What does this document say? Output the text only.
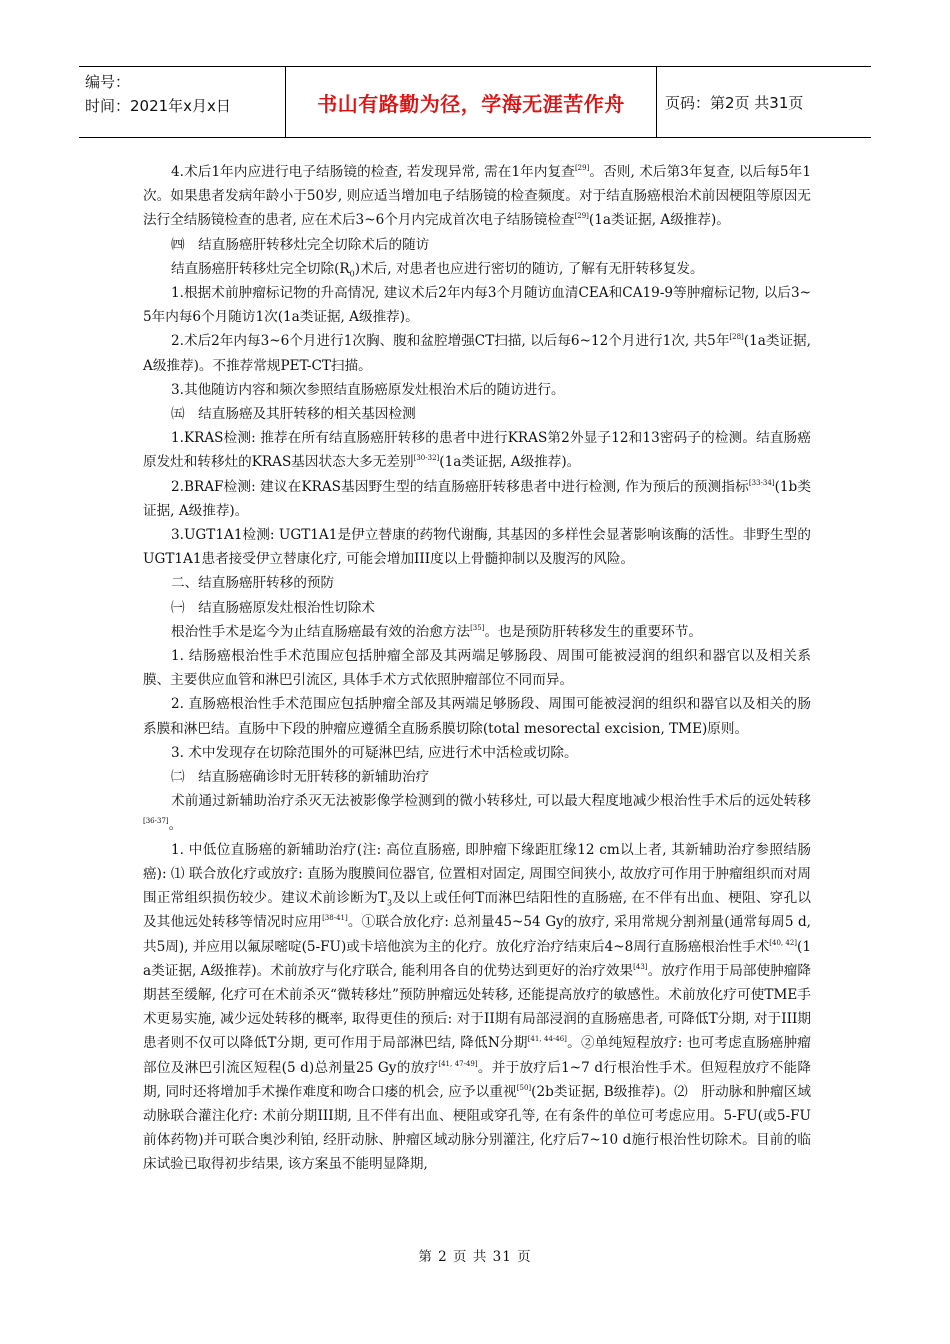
编号：
时间：2021年x月x日	书山有路勤为径，学海无涯苦作舟	页码：第2页 共31页

4.术后1年内应进行电子结肠镜的检查, 若发现异常, 需在1年内复查[29]。否则, 术后第3年复查, 以后每5年1次。如果患者发病年龄小于50岁, 则应适当增加电子结肠镜的检查频度。对于结直肠癌根治术前因梗阻等原因无法行全结肠镜检查的患者, 应在术后3~6个月内完成首次电子结肠镜检查[29](1a类证据, A级推荐)。

㈣　结直肠癌肝转移灶完全切除术后的随访

结直肠癌肝转移灶完全切除$(R_0)$术后, 对患者也应进行密切的随访, 了解有无肝转移复发。

1.根据术前肿瘤标记物的升高情况, 建议术后2年内每3个月随访血清CEA和CA19-9等肿瘤标记物, 以后3~5年内每6个月随访1次(1a类证据, A级推荐)。

2.术后2年内每3~6个月进行1次胸、腹和盆腔增强CT扫描, 以后每6~12个月进行1次, 共5年[28](1a类证据, A级推荐)。不推荐常规PET-CT扫描。

3.其他随访内容和频次参照结直肠癌原发灶根治术后的随访进行。

㈤　结直肠癌及其肝转移的相关基因检测

1.KRAS检测: 推荐在所有结直肠癌肝转移的患者中进行KRAS第2外显子12和13密码子的检测。结直肠癌原发灶和转移灶的KRAS基因状态大多无差别[30-32](1a类证据, A级推荐)。

2.BRAF检测: 建议在KRAS基因野生型的结直肠癌肝转移患者中进行检测, 作为预后的预测指标[33-34](1b类证据, A级推荐)。

3.UGT1A1检测: UGT1A1是伊立替康的药物代谢酶, 其基因的多样性会显著影响该酶的活性。非野生型的UGT1A1患者接受伊立替康化疗, 可能会增加III度以上骨髓抑制以及腹泻的风险。

二、结直肠癌肝转移的预防

㈠　结直肠癌原发灶根治性切除术

根治性手术是迄今为止结直肠癌最有效的治愈方法[35]。也是预防肝转移发生的重要环节。

1. 结肠癌根治性手术范围应包括肿瘤全部及其两端足够肠段、周围可能被浸润的组织和器官以及相关系膜、主要供应血管和淋巴引流区, 具体手术方式依照肿瘤部位不同而异。

2. 直肠癌根治性手术范围应包括肿瘤全部及其两端足够肠段、周围可能被浸润的组织和器官以及相关的肠系膜和淋巴结。直肠中下段的肿瘤应遵循全直肠系膜切除(total mesorectal excision, TME)原则。

3. 术中发现存在切除范围外的可疑淋巴结, 应进行术中活检或切除。

㈡　结直肠癌确诊时无肝转移的新辅助治疗

术前通过新辅助治疗杀灭无法被影像学检测到的微小转移灶, 可以最大程度地减少根治性手术后的远处转移[36-37]。

1. 中低位直肠癌的新辅助治疗(注: 高位直肠癌, 即肿瘤下缘距肛缘12 cm以上者, 其新辅助治疗参照结肠癌): ⑴ 联合放化疗或放疗: 直肠为腹膜间位器官, 位置相对固定, 周围空间狭小, 故放疗可作用于肿瘤组织而对周围正常组织损伤较少。建议术前诊断为$T_3$及以上或任何T而淋巴结阳性的直肠癌, 在不伴有出血、梗阻、穿孔以及其他远处转移等情况时应用[38-41]。①联合放化疗: 总剂量45~54 Gy的放疗, 采用常规分割剂量(通常每周5 d, 共5周), 并应用以氟尿嘧啶(5-FU)或卡培他滨为主的化疗。放化疗治疗结束后4~8周行直肠癌根治性手术[40, 42](1a类证据, A级推荐)。术前放疗与化疗联合, 能利用各自的优势达到更好的治疗效果[43]。放疗作用于局部使肿瘤降期甚至缓解, 化疗可在术前杀灭“微转移灶”预防肿瘤远处转移, 还能提高放疗的敏感性。术前放化疗可使TME手术更易实施, 减少远处转移的概率, 取得更佳的预后: 对于II期有局部浸润的直肠癌患者, 可降低T分期, 对于III期患者则不仅可以降低T分期, 更可作用于局部淋巴结, 降低N分期[41, 44-46]。②单纯短程放疗: 也可考虑直肠癌肿瘤部位及淋巴引流区短程(5 d)总剂量25 Gy的放疗[41, 47-49]。并于放疗后1~7 d行根治性手术。但短程放疗不能降期, 同时还将增加手术操作难度和吻合口瘘的机会, 应予以重视[50](2b类证据, B级推荐)。⑵　肝动脉和肿瘤区域动脉联合灌注化疗: 术前分期III期, 且不伴有出血、梗阻或穿孔等, 在有条件的单位可考虑应用。5-FU(或5-FU前体药物)并可联合奥沙利铂, 经肝动脉、肿瘤区域动脉分别灌注, 化疗后7~10 d施行根治性切除术。目前的临床试验已取得初步结果, 该方案虽不能明显降期,

第 2 页 共 31 页
